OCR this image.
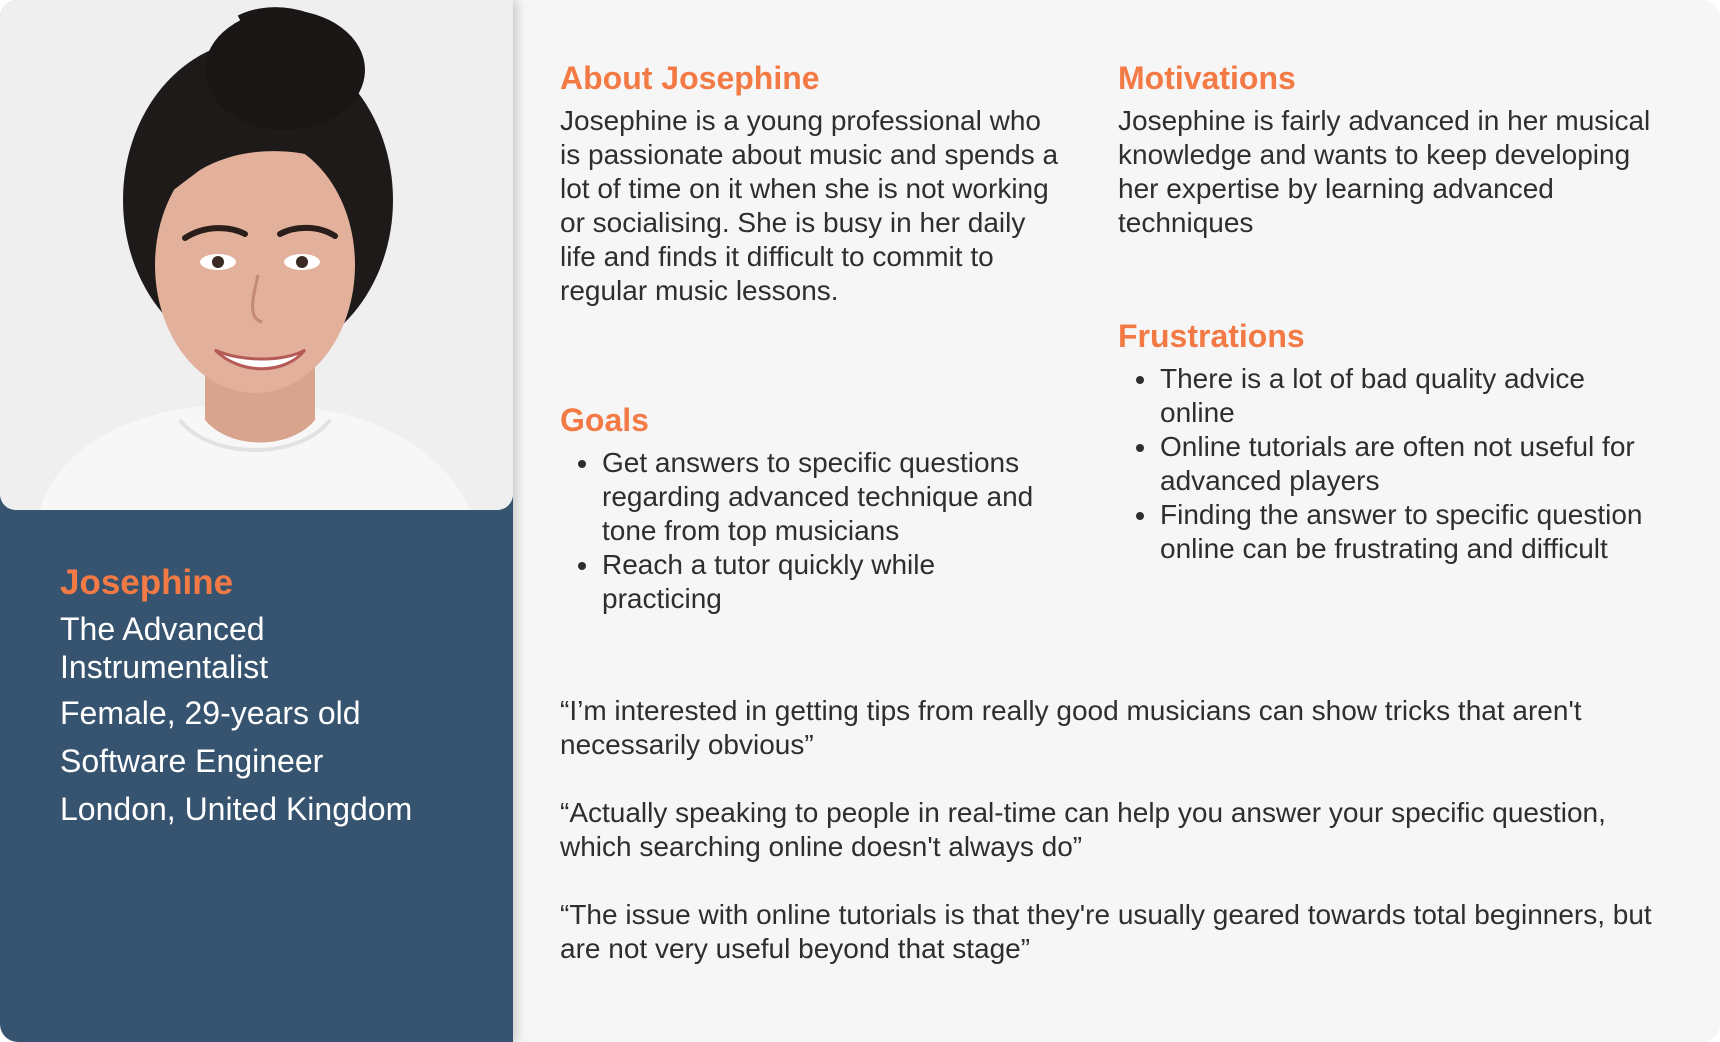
Josephine
The Advanced
Instrumentalist
Female, 29-years old
Software Engineer
London, United Kingdom
About Josephine

Josephine is a young professional who is passionate about music and spends a lot of time on it when she is not working or socialising. She is busy in her daily life and finds it difficult to commit to regular music lessons.

Goals
Get answers to specific questions regarding advanced technique and tone from top musicians
Reach a tutor quickly while practicing
Motivations

Josephine is fairly advanced in her musical knowledge and wants to keep developing her expertise by learning advanced techniques

Frustrations
There is a lot of bad quality advice online
Online tutorials are often not useful for advanced players
Finding the answer to specific question online can be frustrating and difficult

“I’m interested in getting tips from really good musicians can show tricks that aren't necessarily obvious”

“Actually speaking to people in real-time can help you answer your specific question, which searching online doesn't always do”

“The issue with online tutorials is that they're usually geared towards total beginners, but are not very useful beyond that stage”
